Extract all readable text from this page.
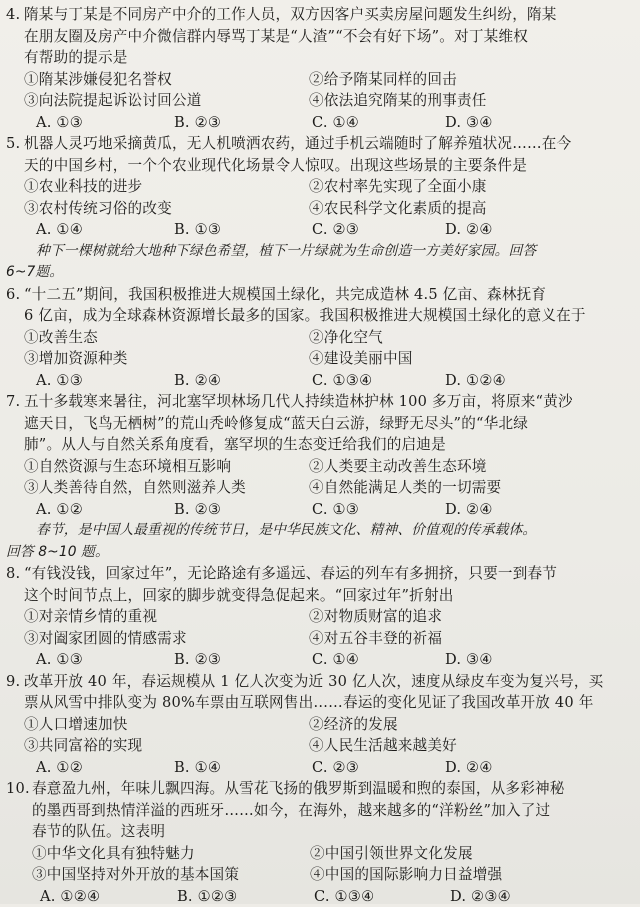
4. 隋某与丁某是不同房产中介的工作人员，双方因客户买卖房屋问题发生纠纷，隋某
在朋友圈及房产中介微信群内辱骂丁某是“人渣”“不会有好下场”。对丁某维权
有帮助的提示是
①隋某涉嫌侵犯名誉权	②给予隋某同样的回击
③向法院提起诉讼讨回公道	④依法追究隋某的刑事责任
A. ①③	B. ②③	C. ①④	D. ③④
5. 机器人灵巧地采摘黄瓜，无人机喷洒农药，通过手机云端随时了解养殖状况……在今
天的中国乡村，一个个农业现代化场景令人惊叹。出现这些场景的主要条件是
①农业科技的进步	②农村率先实现了全面小康
③农村传统习俗的改变	④农民科学文化素质的提高
A. ①④	B. ①③	C. ②③	D. ②④
种下一棵树就给大地种下绿色希望，植下一片绿就为生命创造一方美好家园。回答
6~7题。
6. “十二五”期间，我国积极推进大规模国土绿化，共完成造林 4.5 亿亩、森林抚育
6 亿亩，成为全球森林资源增长最多的国家。我国积极推进大规模国土绿化的意义在于
①改善生态	②净化空气
③增加资源种类	④建设美丽中国
A. ①③	B. ②④	C. ①③④	D. ①②④
7. 五十多载寒来暑往，河北塞罕坝林场几代人持续造林护林 100 多万亩，将原来“黄沙
遮天日，飞鸟无栖树”的荒山秃岭修复成“蓝天白云游，绿野无尽头”的“华北绿
肺”。从人与自然关系角度看，塞罕坝的生态变迁给我们的启迪是
①自然资源与生态环境相互影响	②人类要主动改善生态环境
③人类善待自然，自然则滋养人类	④自然能满足人类的一切需要
A. ①②	B. ②③	C. ①③	D. ②④
春节，是中国人最重视的传统节日，是中华民族文化、精神、价值观的传承载体。
回答 8~10 题。
8. “有钱没钱，回家过年”，无论路途有多遥远、春运的列车有多拥挤，只要一到春节
这个时间节点上，回家的脚步就变得急促起来。“回家过年”折射出
①对亲情乡情的重视	②对物质财富的追求
③对阖家团圆的情感需求	④对五谷丰登的祈福
A. ①③	B. ②③	C. ①④	D. ③④
9. 改革开放 40 年，春运规模从 1 亿人次变为近 30 亿人次，速度从绿皮车变为复兴号，买
票从风雪中排队变为 80%车票由互联网售出……春运的变化见证了我国改革开放 40 年
①人口增速加快	②经济的发展
③共同富裕的实现	④人民生活越来越美好
A. ①②	B. ①④	C. ②③	D. ②④
10. 春意盈九州，年味儿飘四海。从雪花飞扬的俄罗斯到温暖和煦的泰国，从多彩神秘
的墨西哥到热情洋溢的西班牙……如今，在海外，越来越多的“洋粉丝”加入了过
春节的队伍。这表明
①中华文化具有独特魅力	②中国引领世界文化发展
③中国坚持对外开放的基本国策	④中国的国际影响力日益增强
A. ①②④	B. ①②③	C. ①③④	D. ②③④
